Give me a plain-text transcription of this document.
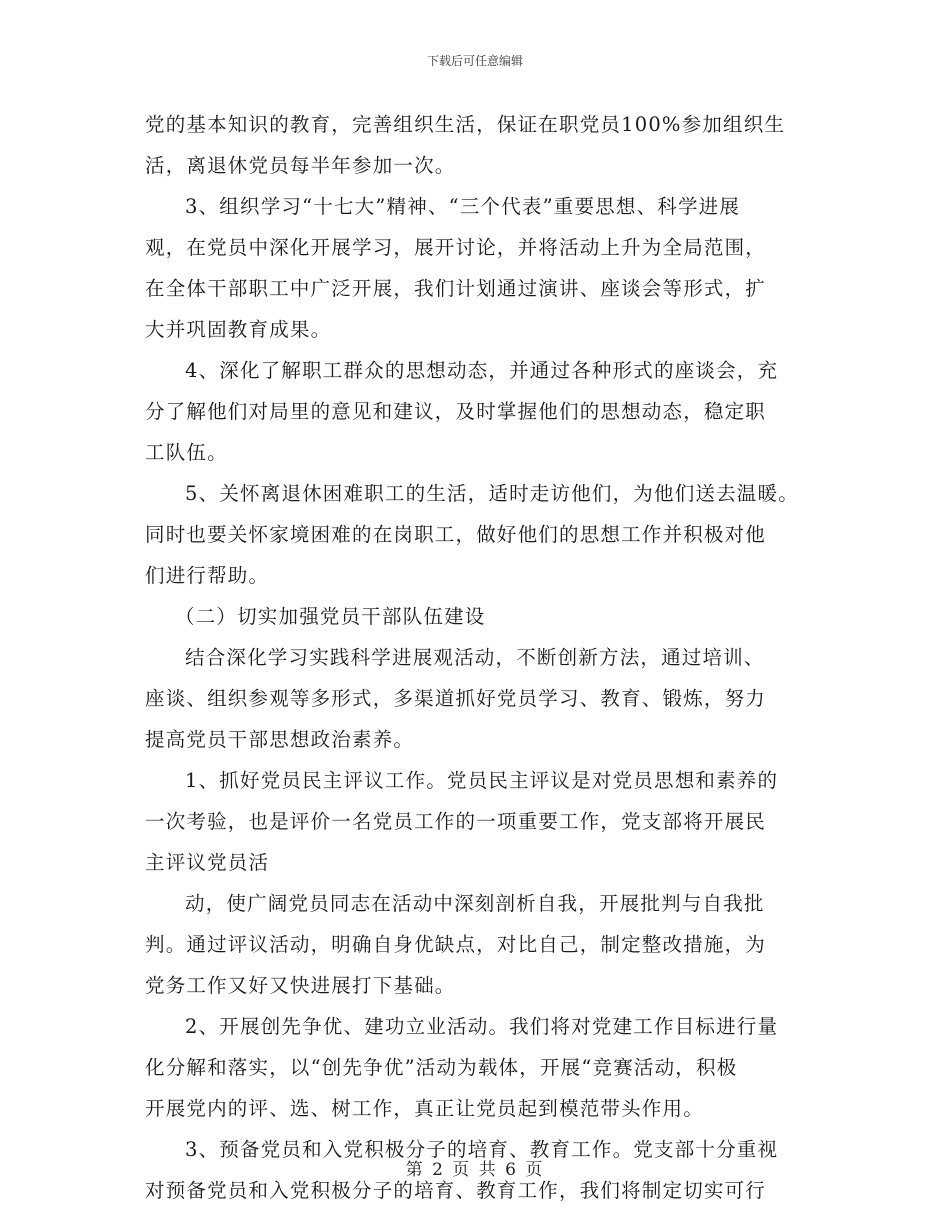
下载后可任意编辑
党的基本知识的教育，完善组织生活，保证在职党员100%参加组织生
活，离退休党员每半年参加一次。
3、组织学习“十七大”精神、“三个代表”重要思想、科学进展
观，在党员中深化开展学习，展开讨论，并将活动上升为全局范围，
在全体干部职工中广泛开展，我们计划通过演讲、座谈会等形式，扩
大并巩固教育成果。
4、深化了解职工群众的思想动态，并通过各种形式的座谈会，充
分了解他们对局里的意见和建议，及时掌握他们的思想动态，稳定职
工队伍。
5、关怀离退休困难职工的生活，适时走访他们，为他们送去温暖。
同时也要关怀家境困难的在岗职工，做好他们的思想工作并积极对他
们进行帮助。
（二）切实加强党员干部队伍建设
结合深化学习实践科学进展观活动，不断创新方法，通过培训、
座谈、组织参观等多形式，多渠道抓好党员学习、教育、锻炼，努力
提高党员干部思想政治素养。
1、抓好党员民主评议工作。党员民主评议是对党员思想和素养的
一次考验，也是评价一名党员工作的一项重要工作，党支部将开展民
主评议党员活
动，使广阔党员同志在活动中深刻剖析自我，开展批判与自我批
判。通过评议活动，明确自身优缺点，对比自己，制定整改措施，为
党务工作又好又快进展打下基础。
2、开展创先争优、建功立业活动。我们将对党建工作目标进行量
化分解和落实，以“创先争优”活动为载体，开展“竞赛活动，积极
开展党内的评、选、树工作，真正让党员起到模范带头作用。
3、预备党员和入党积极分子的培育、教育工作。党支部十分重视
对预备党员和入党积极分子的培育、教育工作，我们将制定切实可行
第 2 页 共 6 页
